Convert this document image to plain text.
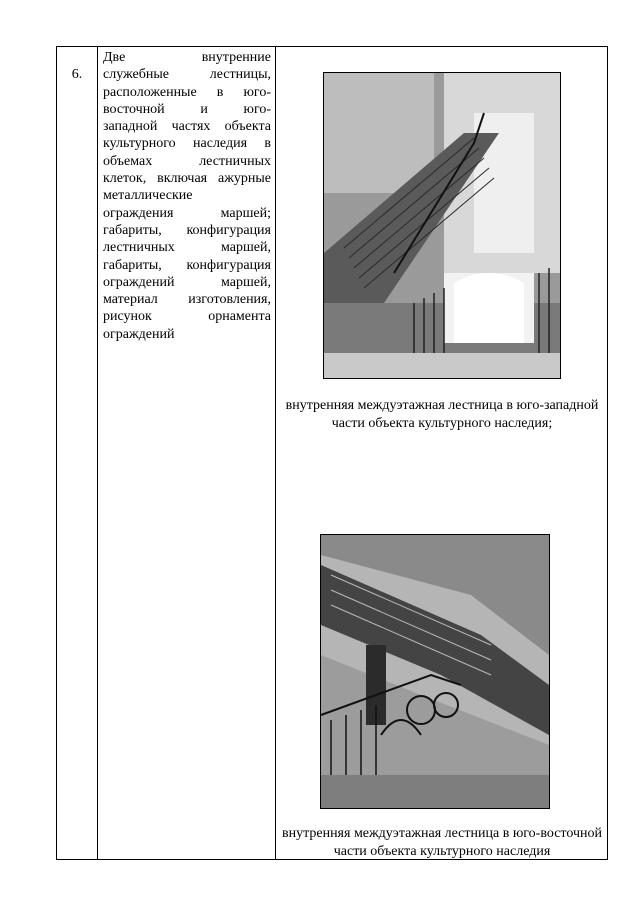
6.
Две внутренние
служебные лестницы,
расположенные в юго-
восточной и юго-
западной частях объекта
культурного наследия в
объемах лестничных
клеток, включая ажурные
металлические
ограждения маршей;
габариты, конфигурация
лестничных маршей,
габариты, конфигурация
ограждений маршей,
материал изготовления,
рисунок орнамента
ограждений
внутренняя междуэтажная лестница в юго-западной части объекта культурного наследия;
внутренняя междуэтажная лестница в юго-восточной части объекта культурного наследия
